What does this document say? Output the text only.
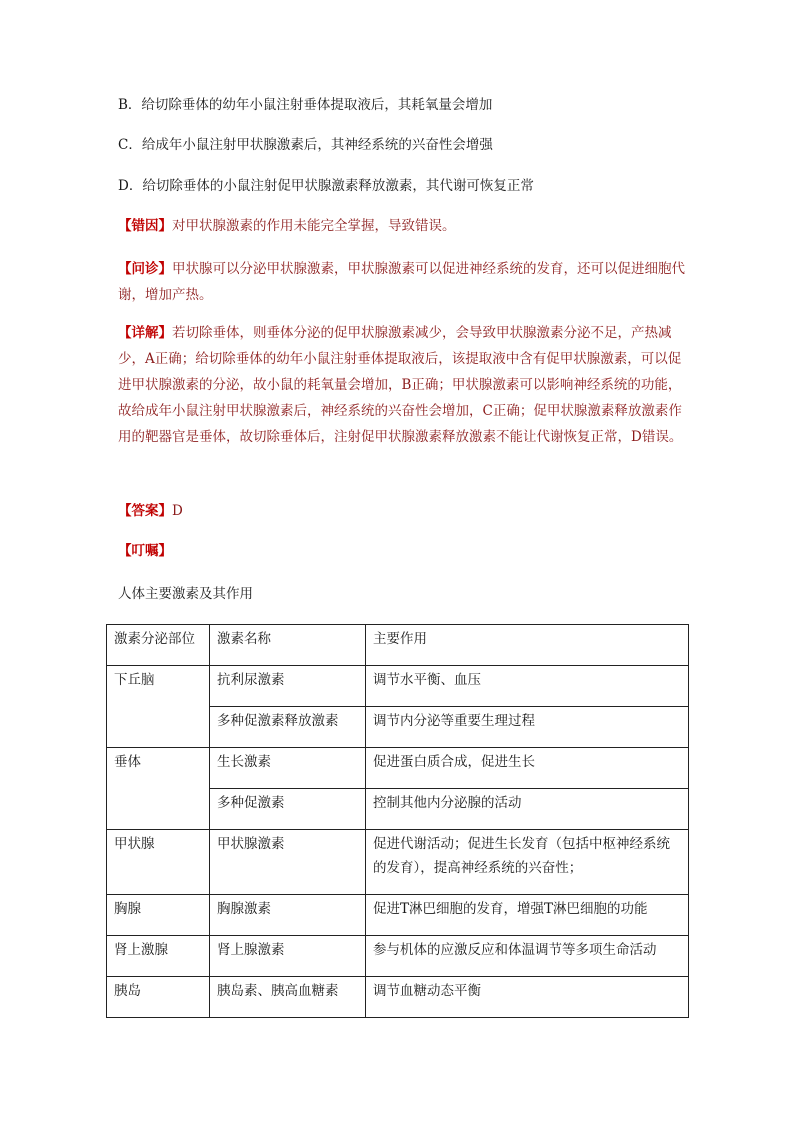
B．给切除垂体的幼年小鼠注射垂体提取液后，其耗氧量会增加
C．给成年小鼠注射甲状腺激素后，其神经系统的兴奋性会增强
D．给切除垂体的小鼠注射促甲状腺激素释放激素，其代谢可恢复正常
【错因】对甲状腺激素的作用未能完全掌握，导致错误。
【问诊】甲状腺可以分泌甲状腺激素，甲状腺激素可以促进神经系统的发育，还可以促进细胞代谢，增加产热。
【详解】若切除垂体，则垂体分泌的促甲状腺激素减少，会导致甲状腺激素分泌不足，产热减少，A正确；给切除垂体的幼年小鼠注射垂体提取液后，该提取液中含有促甲状腺激素，可以促进甲状腺激素的分泌，故小鼠的耗氧量会增加，B正确；甲状腺激素可以影响神经系统的功能，故给成年小鼠注射甲状腺激素后，神经系统的兴奋性会增加，C正确；促甲状腺激素释放激素作用的靶器官是垂体，故切除垂体后，注射促甲状腺激素释放激素不能让代谢恢复正常，D错误。
【答案】D
【叮嘱】
人体主要激素及其作用
激素分泌部位	激素名称	主要作用
下丘脑	抗利尿激素	调节水平衡、血压
	多种促激素释放激素	调节内分泌等重要生理过程
垂体	生长激素	促进蛋白质合成，促进生长
	多种促激素	控制其他内分泌腺的活动
甲状腺	甲状腺激素	促进代谢活动；促进生长发育（包括中枢神经系统的发育），提高神经系统的兴奋性；
胸腺	胸腺激素	促进T淋巴细胞的发育，增强T淋巴细胞的功能
肾上激腺	肾上腺激素	参与机体的应激反应和体温调节等多项生命活动
胰岛	胰岛素、胰高血糖素	调节血糖动态平衡
